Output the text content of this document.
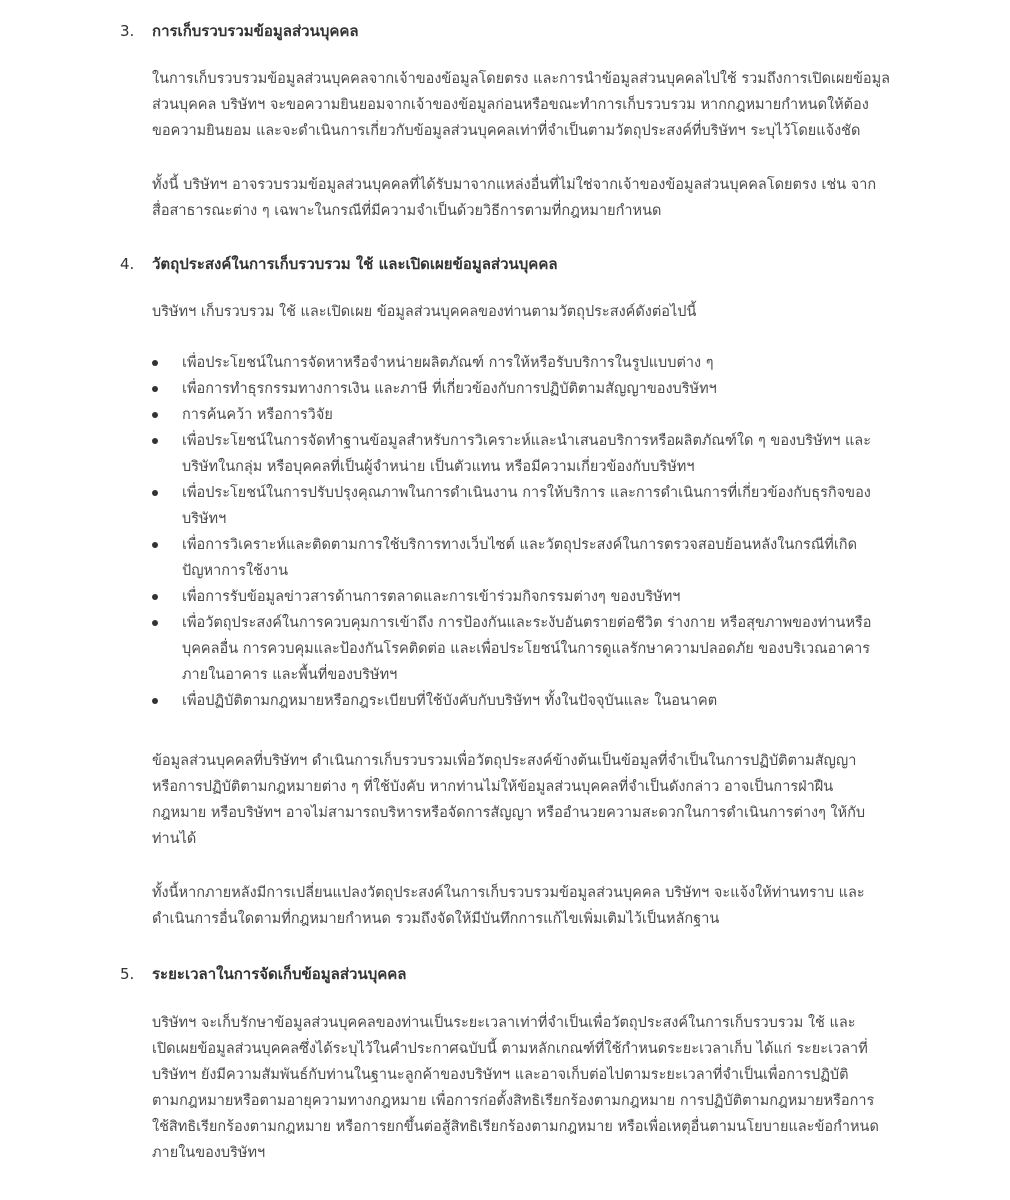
3. การเก็บรวบรวมข้อมูลส่วนบุคคล
ในการเก็บรวบรวมข้อมูลส่วนบุคคลจากเจ้าของข้อมูลโดยตรง และการนำข้อมูลส่วนบุคคลไปใช้ รวมถึงการเปิดเผยข้อมูล
ส่วนบุคคล บริษัทฯ จะขอความยินยอมจากเจ้าของข้อมูลก่อนหรือขณะทำการเก็บรวบรวม หากกฎหมายกำหนดให้ต้อง
ขอความยินยอม และจะดำเนินการเกี่ยวกับข้อมูลส่วนบุคคลเท่าที่จำเป็นตามวัตถุประสงค์ที่บริษัทฯ ระบุไว้โดยแจ้งชัด
ทั้งนี้ บริษัทฯ อาจรวบรวมข้อมูลส่วนบุคคลที่ได้รับมาจากแหล่งอื่นที่ไม่ใช่จากเจ้าของข้อมูลส่วนบุคคลโดยตรง เช่น จาก
สื่อสาธารณะต่าง ๆ เฉพาะในกรณีที่มีความจำเป็นด้วยวิธีการตามที่กฎหมายกำหนด
4. วัตถุประสงค์ในการเก็บรวบรวม ใช้ และเปิดเผยข้อมูลส่วนบุคคล
บริษัทฯ เก็บรวบรวม ใช้ และเปิดเผย ข้อมูลส่วนบุคคลของท่านตามวัตถุประสงค์ดังต่อไปนี้
เพื่อประโยชน์ในการจัดหาหรือจำหน่ายผลิตภัณฑ์ การให้หรือรับบริการในรูปแบบต่าง ๆ
เพื่อการทำธุรกรรมทางการเงิน และภาษี ที่เกี่ยวข้องกับการปฏิบัติตามสัญญาของบริษัทฯ
การค้นคว้า หรือการวิจัย
เพื่อประโยชน์ในการจัดทำฐานข้อมูลสำหรับการวิเคราะห์และนำเสนอบริการหรือผลิตภัณฑ์ใด ๆ ของบริษัทฯ และ
บริษัทในกลุ่ม หรือบุคคลที่เป็นผู้จำหน่าย เป็นตัวแทน หรือมีความเกี่ยวข้องกับบริษัทฯ
เพื่อประโยชน์ในการปรับปรุงคุณภาพในการดำเนินงาน การให้บริการ และการดำเนินการที่เกี่ยวข้องกับธุรกิจของ
บริษัทฯ
เพื่อการวิเคราะห์และติดตามการใช้บริการทางเว็บไซต์ และวัตถุประสงค์ในการตรวจสอบย้อนหลังในกรณีที่เกิด
ปัญหาการใช้งาน
เพื่อการรับข้อมูลข่าวสารด้านการตลาดและการเข้าร่วมกิจกรรมต่างๆ ของบริษัทฯ
เพื่อวัตถุประสงค์ในการควบคุมการเข้าถึง การป้องกันและระงับอันตรายต่อชีวิต ร่างกาย หรือสุขภาพของท่านหรือ
บุคคลอื่น การควบคุมและป้องกันโรคติดต่อ และเพื่อประโยชน์ในการดูแลรักษาความปลอดภัย ของบริเวณอาคาร
ภายในอาคาร และพื้นที่ของบริษัทฯ
เพื่อปฏิบัติตามกฎหมายหรือกฎระเบียบที่ใช้บังคับกับบริษัทฯ ทั้งในปัจจุบันและ ในอนาคต
ข้อมูลส่วนบุคคลที่บริษัทฯ ดำเนินการเก็บรวบรวมเพื่อวัตถุประสงค์ข้างต้นเป็นข้อมูลที่จำเป็นในการปฏิบัติตามสัญญา
หรือการปฏิบัติตามกฎหมายต่าง ๆ ที่ใช้บังคับ หากท่านไม่ให้ข้อมูลส่วนบุคคลที่จำเป็นดังกล่าว อาจเป็นการฝ่าฝืน
กฎหมาย หรือบริษัทฯ อาจไม่สามารถบริหารหรือจัดการสัญญา หรืออำนวยความสะดวกในการดำเนินการต่างๆ ให้กับ
ท่านได้
ทั้งนี้หากภายหลังมีการเปลี่ยนแปลงวัตถุประสงค์ในการเก็บรวบรวมข้อมูลส่วนบุคคล บริษัทฯ จะแจ้งให้ท่านทราบ และ
ดำเนินการอื่นใดตามที่กฎหมายกำหนด รวมถึงจัดให้มีบันทึกการแก้ไขเพิ่มเติมไว้เป็นหลักฐาน
5. ระยะเวลาในการจัดเก็บข้อมูลส่วนบุคคล
บริษัทฯ จะเก็บรักษาข้อมูลส่วนบุคคลของท่านเป็นระยะเวลาเท่าที่จำเป็นเพื่อวัตถุประสงค์ในการเก็บรวบรวม ใช้ และ
เปิดเผยข้อมูลส่วนบุคคลซึ่งได้ระบุไว้ในคำประกาศฉบับนี้ ตามหลักเกณฑ์ที่ใช้กำหนดระยะเวลาเก็บ ได้แก่ ระยะเวลาที่
บริษัทฯ ยังมีความสัมพันธ์กับท่านในฐานะลูกค้าของบริษัทฯ และอาจเก็บต่อไปตามระยะเวลาที่จำเป็นเพื่อการปฏิบัติ
ตามกฎหมายหรือตามอายุความทางกฎหมาย เพื่อการก่อตั้งสิทธิเรียกร้องตามกฎหมาย การปฏิบัติตามกฎหมายหรือการ
ใช้สิทธิเรียกร้องตามกฎหมาย หรือการยกขึ้นต่อสู้สิทธิเรียกร้องตามกฎหมาย หรือเพื่อเหตุอื่นตามนโยบายและข้อกำหนด
ภายในของบริษัทฯ
